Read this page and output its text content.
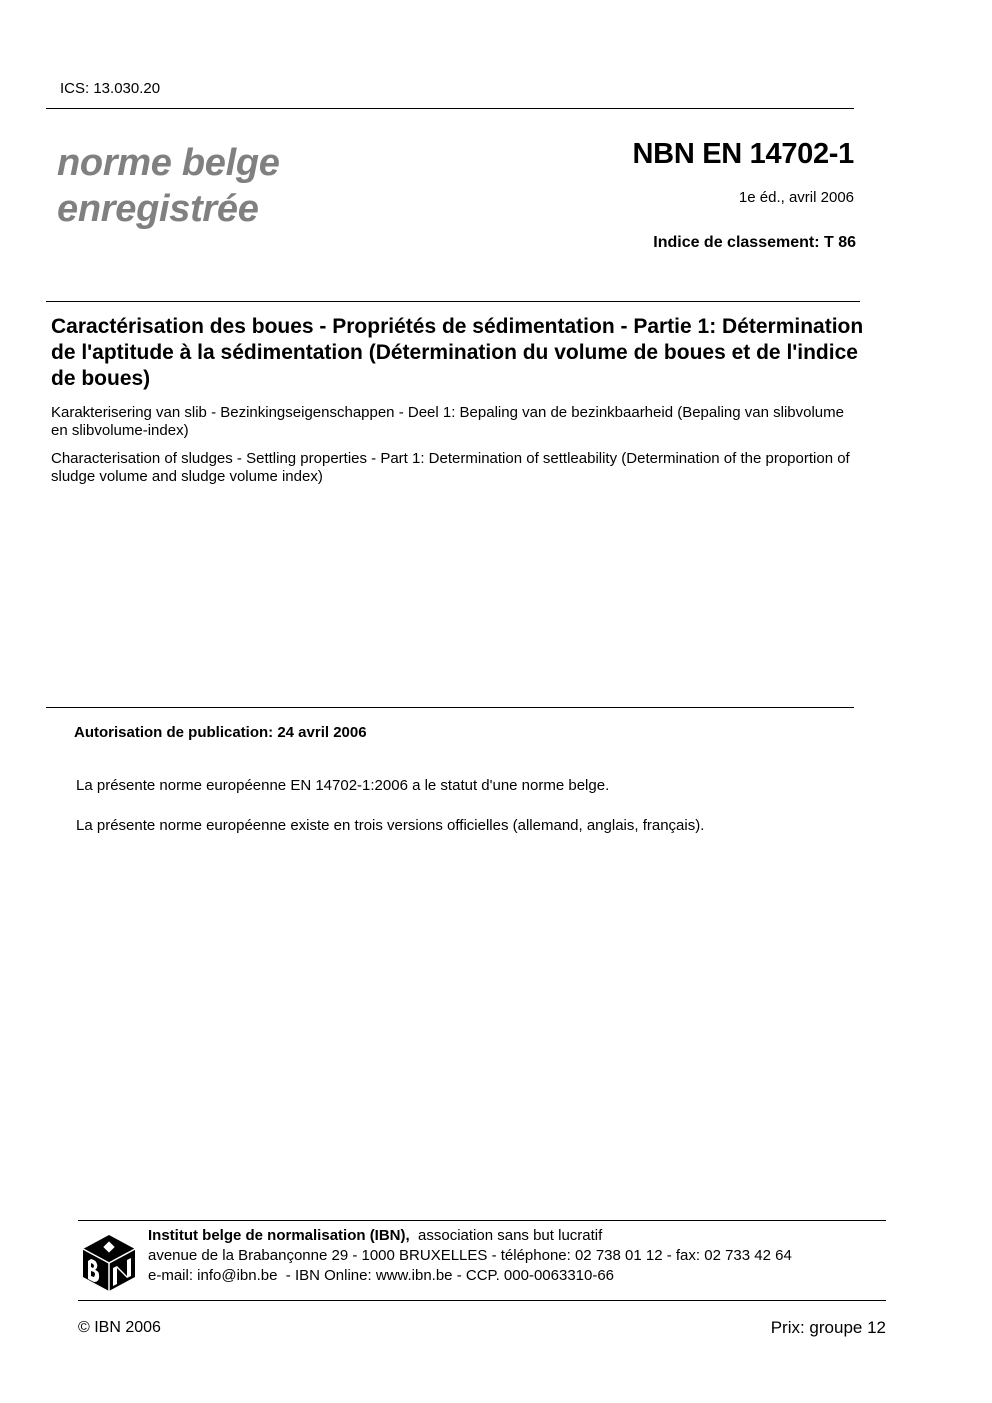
ICS: 13.030.20
norme belge
enregistrée
NBN EN 14702-1
1e éd., avril 2006
Indice de classement: T 86
Caractérisation des boues - Propriétés de sédimentation - Partie 1: Détermination de l'aptitude à la sédimentation (Détermination du volume de boues et de l'indice de boues)
Karakterisering van slib - Bezinkingseigenschappen - Deel 1: Bepaling van de bezinkbaarheid (Bepaling van slibvolume en slibvolume-index)
Characterisation of sludges - Settling properties - Part 1: Determination of settleability (Determination of the proportion of sludge volume and sludge volume index)
Autorisation de publication: 24 avril 2006
La présente norme européenne EN 14702-1:2006 a le statut d'une norme belge.
La présente norme européenne existe en trois versions officielles (allemand, anglais, français).
Institut belge de normalisation (IBN), association sans but lucratif
avenue de la Brabançonne 29 - 1000 BRUXELLES - téléphone: 02 738 01 12 - fax: 02 733 42 64
e-mail: info@ibn.be  - IBN Online: www.ibn.be - CCP. 000-0063310-66
© IBN 2006	Prix: groupe 12
